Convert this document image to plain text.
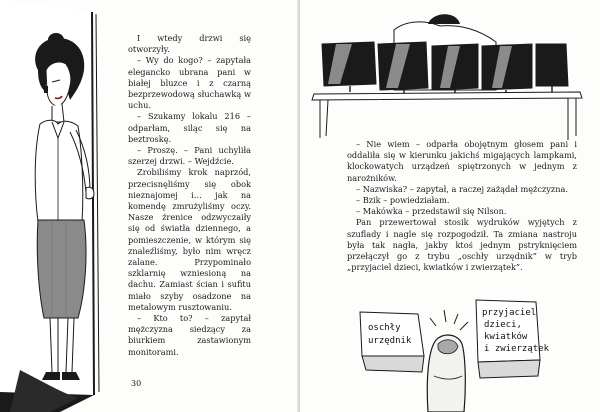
I wtedy drzwi się otworzyły.

– Wy do kogo? – zapytała elegancko ubrana pani w białej bluzce i z czarną bezprzewodową słuchawką w uchu.

– Szukamy lokalu 216 – odparłam, siląc się na beztroskę.

– Proszę. – Pani uchyliła szerzej drzwi. – Wejdźcie.

Zrobiliśmy krok naprzód, przecisnęliśmy się obok nieznajomej i… jak na komendę zmrużyliśmy oczy. Nasze źrenice odzwyczaiły się od światła dziennego, a pomieszczenie, w którym się znaleźliśmy, było nim wręcz zalane. Przypominało szklarnię wzniesioną na dachu. Zamiast ścian i sufitu miało szyby osadzone na metalowym rusztowaniu.

– Kto to? – zapytał mężczyzna siedzący za biurkiem zastawionym monitorami.

30
oschły
urzędnik
przyjaciel
dzieci,
kwiatków
i zwierzątek

– Nie wiem – odparła obojętnym głosem pani i oddaliła się w kierunku jakichś migających lampkami, klockowatych urządzeń spiętrzonych w jednym z narożników.

– Nazwiska? – zapytał, a raczej zażądał mężczyzna.

– Bzik – powiedziałam.

– Makówka – przedstawił się Nilson.

Pan przewertował stosik wydruków wyjętych z szuflady i nagle się rozpogodził. Ta zmiana nastroju była tak nagła, jakby ktoś jednym pstryknięciem przełączył go z trybu „oschły urzędnik” w tryb „przyjaciel dzieci, kwiatków i zwierzątek”.
